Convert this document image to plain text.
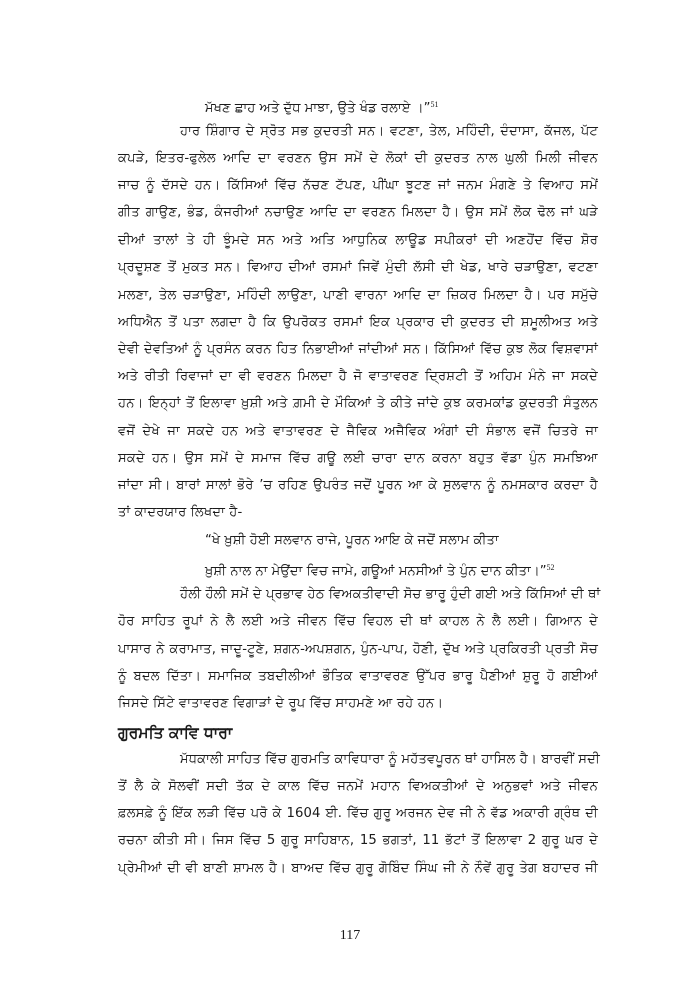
ਮੱਖਣ ਛਾਹ ਅਤੇ ਦੁੱਧ ਮਾਝਾ, ਉਤੇ ਖੰਡ ਰਲਾਏ ।”$^{51}$
ਹਾਰ ਸ਼ਿੰਗਾਰ ਦੇ ਸ੍ਰੋਤ ਸਭ ਕੁਦਰਤੀ ਸਨ। ਵਟਣਾ, ਤੇਲ, ਮਹਿੰਦੀ, ਦੰਦਾਸਾ, ਕੱਜਲ, ਪੱਟ
ਕਪੜੇ, ਇਤਰ-ਫੁਲੇਲ ਆਦਿ ਦਾ ਵਰਣਨ ਉਸ ਸਮੇਂ ਦੇ ਲੋਕਾਂ ਦੀ ਕੁਦਰਤ ਨਾਲ ਘੁਲੀ ਮਿਲੀ ਜੀਵਨ
ਜਾਚ ਨੂੰ ਦੱਸਦੇ ਹਨ। ਕਿੱਸਿਆਂ ਵਿੱਚ ਨੱਚਣ ਟੱਪਣ, ਪੀਂਘਾ ਝੂਟਣ ਜਾਂ ਜਨਮ ਮੰਗਣੇ ਤੇ ਵਿਆਹ ਸਮੇਂ
ਗੀਤ ਗਾਉਣ, ਭੰਡ, ਕੰਜਰੀਆਂ ਨਚਾਉਣ ਆਦਿ ਦਾ ਵਰਣਨ ਮਿਲਦਾ ਹੈ। ਉਸ ਸਮੇਂ ਲੋਕ ਢੋਲ ਜਾਂ ਘੜੇ
ਦੀਆਂ ਤਾਲਾਂ ਤੇ ਹੀ ਝੂੰਮਦੇ ਸਨ ਅਤੇ ਅਤਿ ਆਧੁਨਿਕ ਲਾਊਡ ਸਪੀਕਰਾਂ ਦੀ ਅਣਹੋਂਦ ਵਿੱਚ ਸ਼ੋਰ
ਪ੍ਰਦੂਸ਼ਣ ਤੋਂ ਮੁਕਤ ਸਨ। ਵਿਆਹ ਦੀਆਂ ਰਸਮਾਂ ਜਿਵੇਂ ਮੁੰਦੀ ਲੱਸੀ ਦੀ ਖੇਡ, ਖਾਰੇ ਚੜਾਉਣਾ, ਵਟਣਾ
ਮਲਣਾ, ਤੇਲ ਚੜਾਉਣਾ, ਮਹਿੰਦੀ ਲਾਉਣਾ, ਪਾਣੀ ਵਾਰਨਾ ਆਦਿ ਦਾ ਜ਼ਿਕਰ ਮਿਲਦਾ ਹੈ। ਪਰ ਸਮੁੱਚੇ
ਅਧਿਐਨ ਤੋਂ ਪਤਾ ਲਗਦਾ ਹੈ ਕਿ ਉਪਰੋਕਤ ਰਸਮਾਂ ਇਕ ਪ੍ਰਕਾਰ ਦੀ ਕੁਦਰਤ ਦੀ ਸ਼ਮੂਲੀਅਤ ਅਤੇ
ਦੇਵੀ ਦੇਵਤਿਆਂ ਨੂੰ ਪ੍ਰਸੰਨ ਕਰਨ ਹਿਤ ਨਿਭਾਈਆਂ ਜਾਂਦੀਆਂ ਸਨ। ਕਿੱਸਿਆਂ ਵਿੱਚ ਕੁਝ ਲੋਕ ਵਿਸ਼ਵਾਸਾਂ
ਅਤੇ ਰੀਤੀ ਰਿਵਾਜਾਂ ਦਾ ਵੀ ਵਰਣਨ ਮਿਲਦਾ ਹੈ ਜੋ ਵਾਤਾਵਰਣ ਦ੍ਰਿਸ਼ਟੀ ਤੋਂ ਅਹਿਮ ਮੰਨੇ ਜਾ ਸਕਦੇ
ਹਨ। ਇਨ੍ਹਾਂ ਤੋਂ ਇਲਾਵਾ ਖ਼ੁਸ਼ੀ ਅਤੇ ਗ਼ਮੀ ਦੇ ਮੌਕਿਆਂ ਤੇ ਕੀਤੇ ਜਾਂਦੇ ਕੁਝ ਕਰਮਕਾਂਡ ਕੁਦਰਤੀ ਸੰਤੁਲਨ
ਵਜੋਂ ਦੇਖੇ ਜਾ ਸਕਦੇ ਹਨ ਅਤੇ ਵਾਤਾਵਰਣ ਦੇ ਜੈਵਿਕ ਅਜੈਵਿਕ ਅੰਗਾਂ ਦੀ ਸੰਭਾਲ ਵਜੋਂ ਚਿਤਰੇ ਜਾ
ਸਕਦੇ ਹਨ। ਉਸ ਸਮੇਂ ਦੇ ਸਮਾਜ ਵਿੱਚ ਗਊ ਲਈ ਚਾਰਾ ਦਾਨ ਕਰਨਾ ਬਹੁਤ ਵੱਡਾ ਪੁੰਨ ਸਮਝਿਆ
ਜਾਂਦਾ ਸੀ। ਬਾਰਾਂ ਸਾਲਾਂ ਭੋਰੇ ’ਚ ਰਹਿਣ ਉਪਰੰਤ ਜਦੋਂ ਪੂਰਨ ਆ ਕੇ ਸੁਲਵਾਨ ਨੂੰ ਨਮਸਕਾਰ ਕਰਦਾ ਹੈ
ਤਾਂ ਕਾਦਰਯਾਰ ਲਿਖਦਾ ਹੈ-
“ਖੇ ਖ਼ੁਸ਼ੀ ਹੋਈ ਸਲਵਾਨ ਰਾਜੇ, ਪੂਰਨ ਆਇ ਕੇ ਜਦੋਂ ਸਲਾਮ ਕੀਤਾ
ਖ਼ੁਸ਼ੀ ਨਾਲ ਨਾ ਮੇਉਂਦਾ ਵਿਚ ਜਾਮੇ, ਗਊਆਂ ਮਨਸੀਆਂ ਤੇ ਪੁੰਨ ਦਾਨ ਕੀਤਾ।”$^{52}$
ਹੌਲੀ ਹੌਲੀ ਸਮੇਂ ਦੇ ਪ੍ਰਭਾਵ ਹੇਠ ਵਿਅਕਤੀਵਾਦੀ ਸੋਚ ਭਾਰੂ ਹੁੰਦੀ ਗਈ ਅਤੇ ਕਿੱਸਿਆਂ ਦੀ ਥਾਂ
ਹੋਰ ਸਾਹਿਤ ਰੂਪਾਂ ਨੇ ਲੈ ਲਈ ਅਤੇ ਜੀਵਨ ਵਿੱਚ ਵਿਹਲ ਦੀ ਥਾਂ ਕਾਹਲ ਨੇ ਲੈ ਲਈ। ਗਿਆਨ ਦੇ
ਪਾਸਾਰ ਨੇ ਕਰਾਮਾਤ, ਜਾਦੂ-ਟੂਣੇ, ਸ਼ਗਨ-ਅਪਸ਼ਗਨ, ਪੁੰਨ-ਪਾਪ, ਹੋਣੀ, ਦੁੱਖ ਅਤੇ ਪ੍ਰਕਿਰਤੀ ਪ੍ਰਤੀ ਸੋਚ
ਨੂੰ ਬਦਲ ਦਿੱਤਾ। ਸਮਾਜਿਕ ਤਬਦੀਲੀਆਂ ਭੌਤਿਕ ਵਾਤਾਵਰਣ ਉੱਪਰ ਭਾਰੂ ਪੈਣੀਆਂ ਸ਼ੁਰੂ ਹੋ ਗਈਆਂ
ਜਿਸਦੇ ਸਿੱਟੇ ਵਾਤਾਵਰਣ ਵਿਗਾੜਾਂ ਦੇ ਰੂਪ ਵਿੱਚ ਸਾਹਮਣੇ ਆ ਰਹੇ ਹਨ।
ਗੁਰਮਤਿ ਕਾਵਿ ਧਾਰਾ
ਮੱਧਕਾਲੀ ਸਾਹਿਤ ਵਿੱਚ ਗੁਰਮਤਿ ਕਾਵਿਧਾਰਾ ਨੂੰ ਮਹੱਤਵਪੂਰਨ ਥਾਂ ਹਾਸਿਲ ਹੈ। ਬਾਰਵੀਂ ਸਦੀ
ਤੋਂ ਲੈ ਕੇ ਸੋਲਵੀਂ ਸਦੀ ਤੱਕ ਦੇ ਕਾਲ ਵਿੱਚ ਜਨਮੇਂ ਮਹਾਨ ਵਿਅਕਤੀਆਂ ਦੇ ਅਨੁਭਵਾਂ ਅਤੇ ਜੀਵਨ
ਫ਼ਲਸਫ਼ੇ ਨੂੰ ਇੱਕ ਲੜੀ ਵਿੱਚ ਪਰੋ ਕੇ 1604 ਈ. ਵਿੱਚ ਗੁਰੂ ਅਰਜਨ ਦੇਵ ਜੀ ਨੇ ਵੱਡ ਅਕਾਰੀ ਗ੍ਰੰਥ ਦੀ
ਰਚਨਾ ਕੀਤੀ ਸੀ। ਜਿਸ ਵਿੱਚ 5 ਗੁਰੂ ਸਾਹਿਬਾਨ, 15 ਭਗਤਾਂ, 11 ਭੱਟਾਂ ਤੋਂ ਇਲਾਵਾ 2 ਗੁਰੂ ਘਰ ਦੇ
ਪ੍ਰੇਮੀਆਂ ਦੀ ਵੀ ਬਾਣੀ ਸ਼ਾਮਲ ਹੈ। ਬਾਅਦ ਵਿੱਚ ਗੁਰੂ ਗੋਬਿੰਦ ਸਿੰਘ ਜੀ ਨੇ ਨੌਵੇਂ ਗੁਰੂ ਤੇਗ ਬਹਾਦਰ ਜੀ
117
